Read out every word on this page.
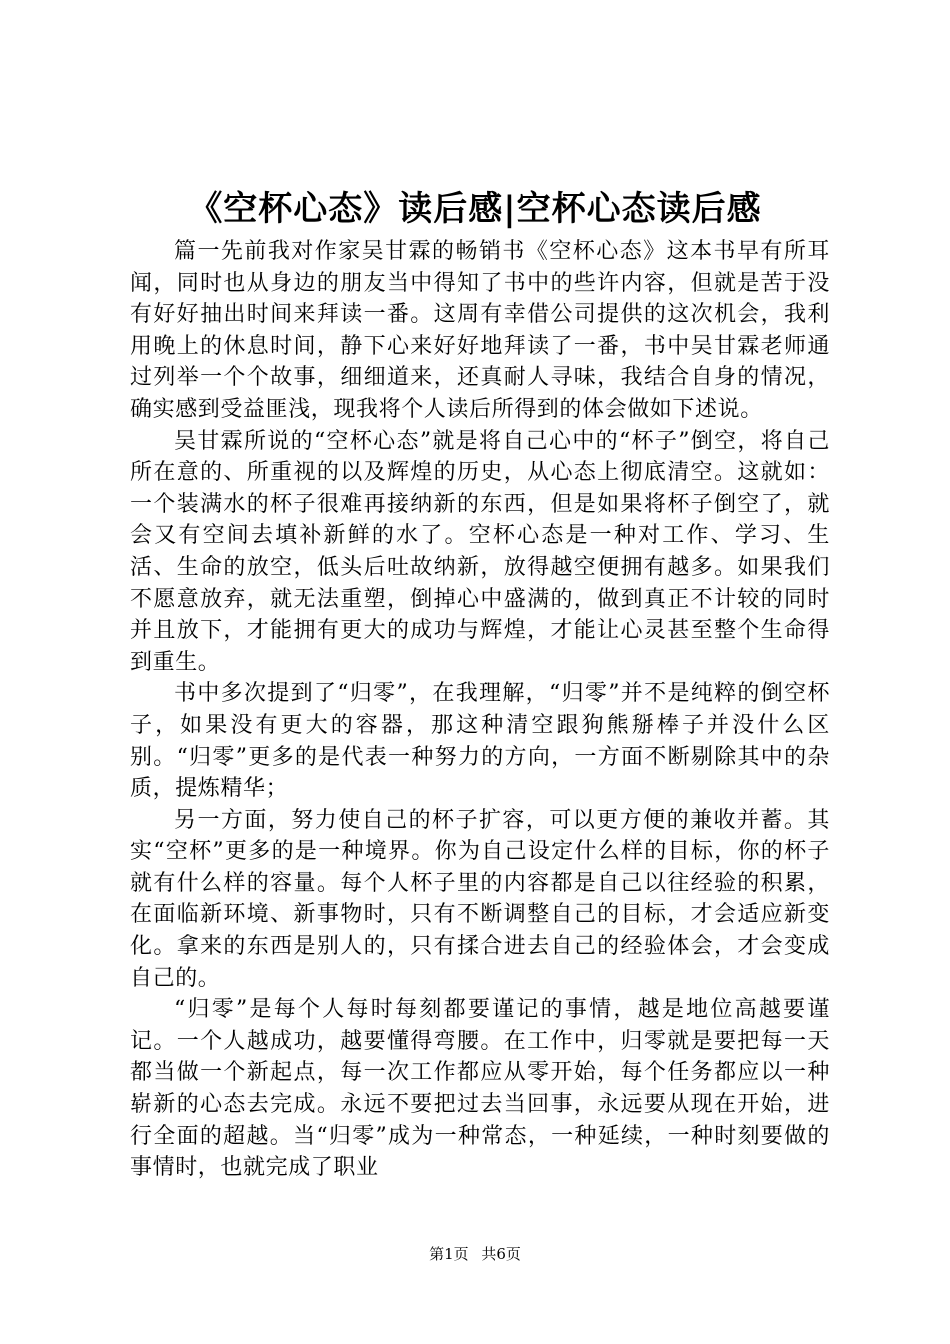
《空杯心态》读后感|空杯心态读后感

篇一先前我对作家吴甘霖的畅销书《空杯心态》这本书早有所耳闻，同时也从身边的朋友当中得知了书中的些许内容，但就是苦于没有好好抽出时间来拜读一番。这周有幸借公司提供的这次机会，我利用晚上的休息时间，静下心来好好地拜读了一番，书中吴甘霖老师通过列举一个个故事，细细道来，还真耐人寻味，我结合自身的情况，确实感到受益匪浅，现我将个人读后所得到的体会做如下述说。

吴甘霖所说的“空杯心态”就是将自己心中的“杯子”倒空，将自己所在意的、所重视的以及辉煌的历史，从心态上彻底清空。这就如：一个装满水的杯子很难再接纳新的东西，但是如果将杯子倒空了，就会又有空间去填补新鲜的水了。空杯心态是一种对工作、学习、生活、生命的放空，低头后吐故纳新，放得越空便拥有越多。如果我们不愿意放弃，就无法重塑，倒掉心中盛满的，做到真正不计较的同时并且放下，才能拥有更大的成功与辉煌，才能让心灵甚至整个生命得到重生。

书中多次提到了“归零”，在我理解，“归零”并不是纯粹的倒空杯子，如果没有更大的容器，那这种清空跟狗熊掰棒子并没什么区别。“归零”更多的是代表一种努力的方向，一方面不断剔除其中的杂质，提炼精华；

另一方面，努力使自己的杯子扩容，可以更方便的兼收并蓄。其实“空杯”更多的是一种境界。你为自己设定什么样的目标，你的杯子就有什么样的容量。每个人杯子里的内容都是自己以往经验的积累，在面临新环境、新事物时，只有不断调整自己的目标，才会适应新变化。拿来的东西是别人的，只有揉合进去自己的经验体会，才会变成自己的。

“归零”是每个人每时每刻都要谨记的事情，越是地位高越要谨记。一个人越成功，越要懂得弯腰。在工作中，归零就是要把每一天都当做一个新起点，每一次工作都应从零开始，每个任务都应以一种崭新的心态去完成。永远不要把过去当回事，永远要从现在开始，进行全面的超越。当“归零”成为一种常态，一种延续，一种时刻要做的事情时，也就完成了职业

第1页 共6页
